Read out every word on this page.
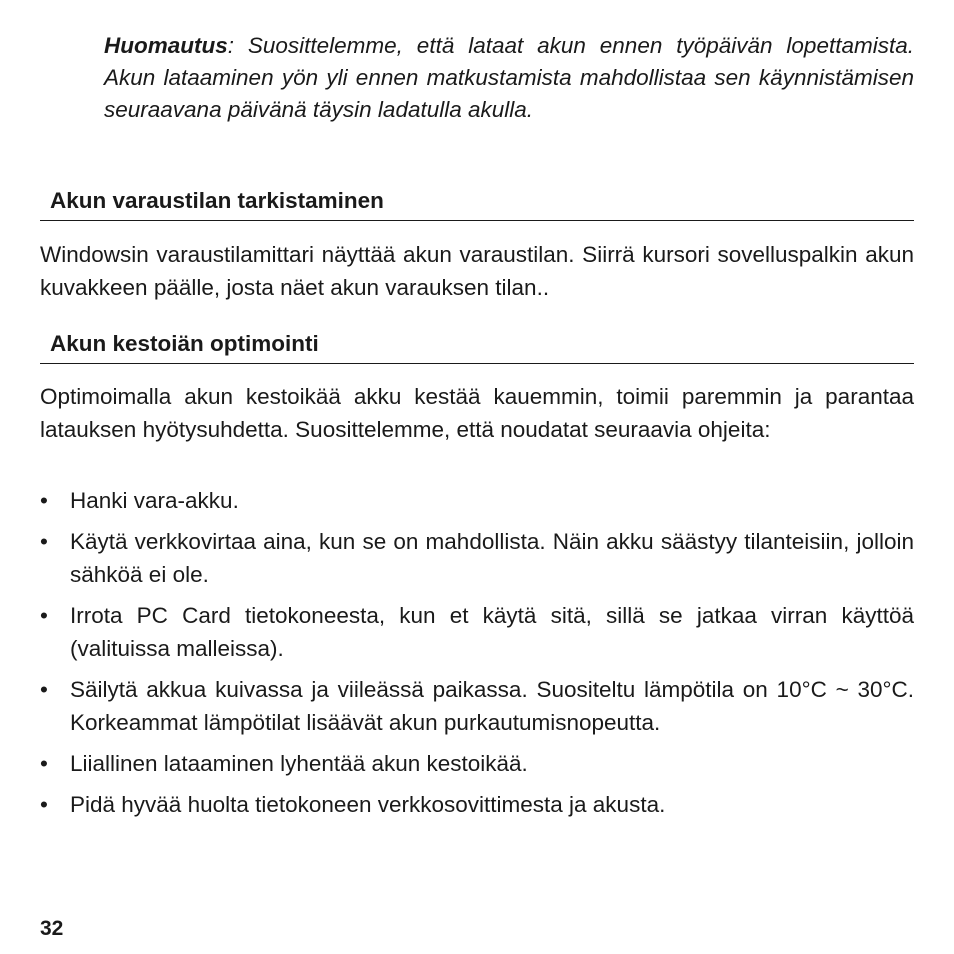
Huomautus: Suosittelemme, että lataat akun ennen työpäivän lopettamista. Akun lataaminen yön yli ennen matkustamista mahdollistaa sen käynnistämisen seuraavana päivänä täysin ladatulla akulla.
Akun varaustilan tarkistaminen
Windowsin varaustilamittari näyttää akun varaustilan. Siirrä kursori sovelluspalkin akun kuvakkeen päälle, josta näet akun varauksen tilan..
Akun kestoiän optimointi
Optimoimalla akun kestoikää akku kestää kauemmin, toimii paremmin ja parantaa latauksen hyötysuhdetta. Suosittelemme, että noudatat seuraavia ohjeita:
• Hanki vara-akku.
• Käytä verkkovirtaa aina, kun se on mahdollista. Näin akku säästyy tilanteisiin, jolloin sähköä ei ole.
• Irrota PC Card tietokoneesta, kun et käytä sitä, sillä se jatkaa virran käyttöä (valituissa malleissa).
• Säilytä akkua kuivassa ja viileässä paikassa. Suositeltu lämpötila on 10°C ~ 30°C. Korkeammat lämpötilat lisäävät akun purkautumisnopeutta.
• Liiallinen lataaminen lyhentää akun kestoikää.
• Pidä hyvää huolta tietokoneen verkkosovittimesta ja akusta.
32
